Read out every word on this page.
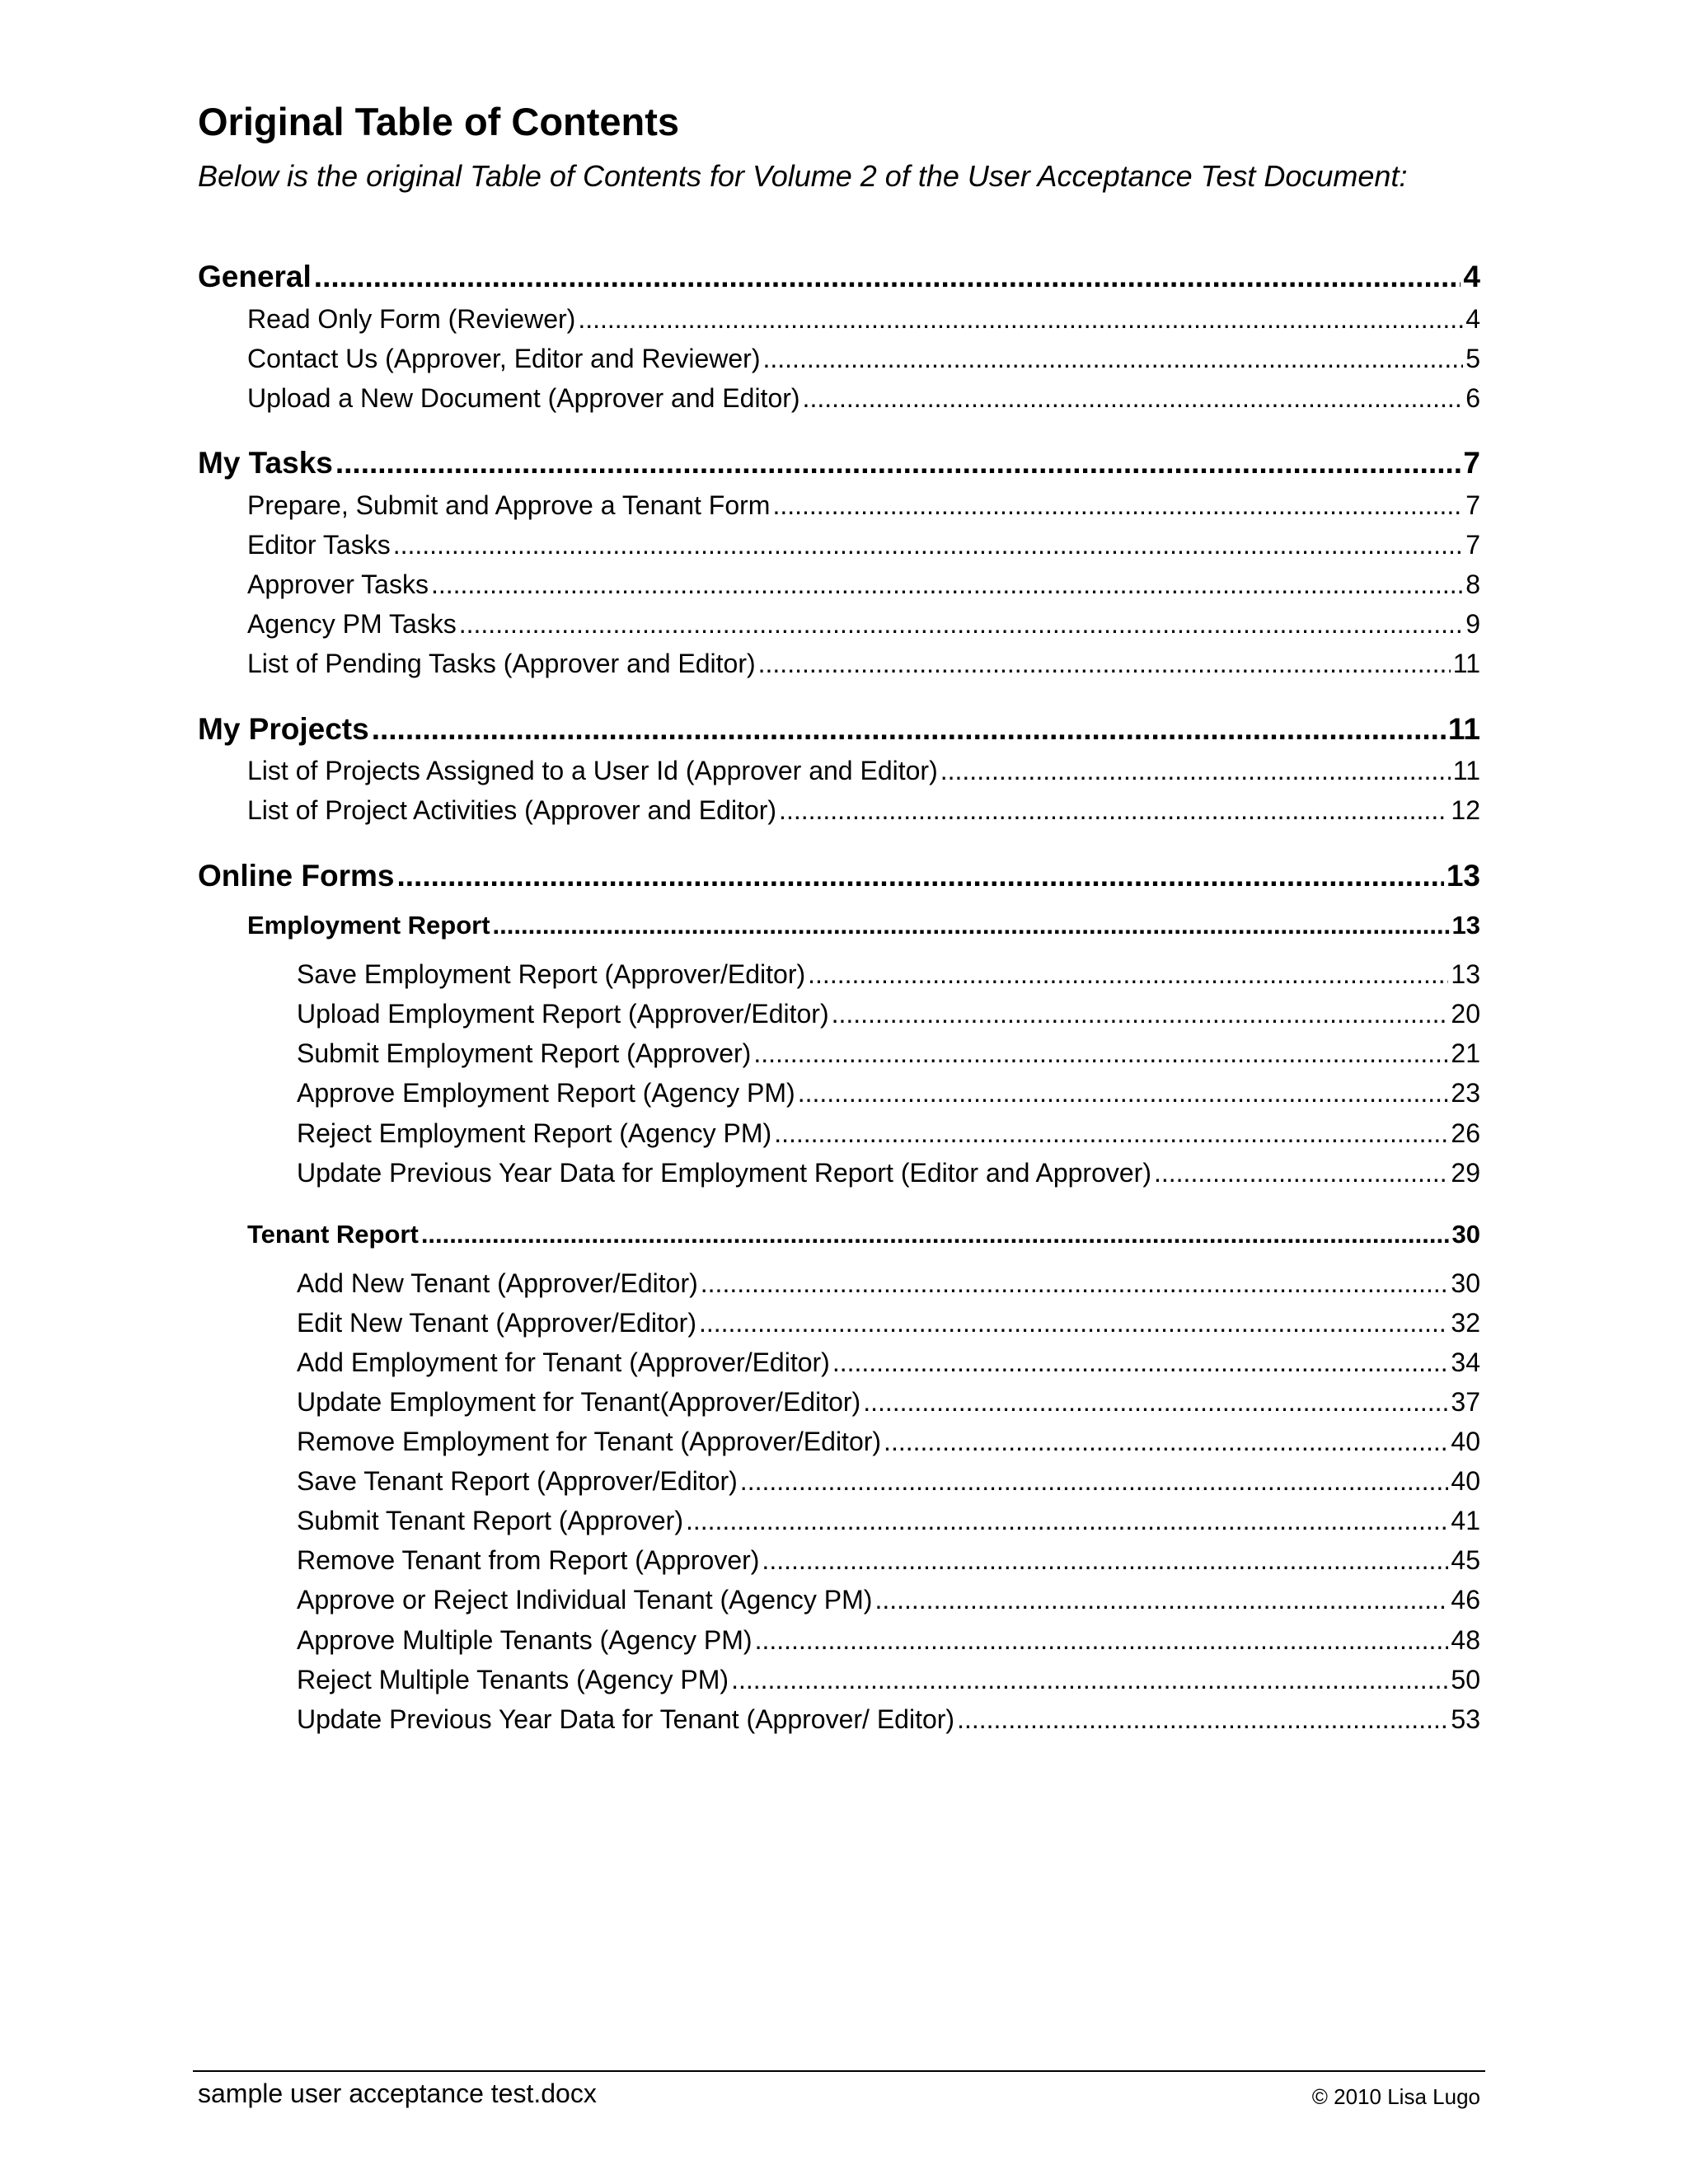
Original Table of Contents

Below is the original Table of Contents for Volume 2 of the User Acceptance Test Document:

General .....	4
Read Only Form (Reviewer) .....	4
Contact Us (Approver, Editor and Reviewer) .....	5
Upload a New Document (Approver and Editor) .....	6
My Tasks .....	7
Prepare, Submit and Approve a Tenant Form .....	7
Editor Tasks .....	7
Approver Tasks .....	8
Agency PM Tasks .....	9
List of Pending Tasks (Approver and Editor) .....	11
My Projects .....	11
List of Projects Assigned to a User Id (Approver and Editor) .....	11
List of Project Activities (Approver and Editor) .....	12
Online Forms .....	13
Employment Report .....	13
Save Employment Report (Approver/Editor) .....	13
Upload Employment Report (Approver/Editor) .....	20
Submit Employment Report (Approver) .....	21
Approve Employment Report (Agency PM) .....	23
Reject Employment Report (Agency PM) .....	26
Update Previous Year Data for Employment Report (Editor and Approver) .....	29
Tenant Report .....	30
Add New Tenant (Approver/Editor) .....	30
Edit New Tenant (Approver/Editor) .....	32
Add Employment for Tenant (Approver/Editor) .....	34
Update Employment for Tenant(Approver/Editor) .....	37
Remove Employment for Tenant (Approver/Editor) .....	40
Save Tenant Report (Approver/Editor) .....	40
Submit Tenant Report (Approver) .....	41
Remove Tenant from Report (Approver) .....	45
Approve or Reject Individual Tenant (Agency PM) .....	46
Approve Multiple Tenants (Agency PM) .....	48
Reject Multiple Tenants (Agency PM) .....	50
Update Previous Year Data for Tenant (Approver/ Editor) .....	53
sample user acceptance test.docx	© 2010 Lisa Lugo
